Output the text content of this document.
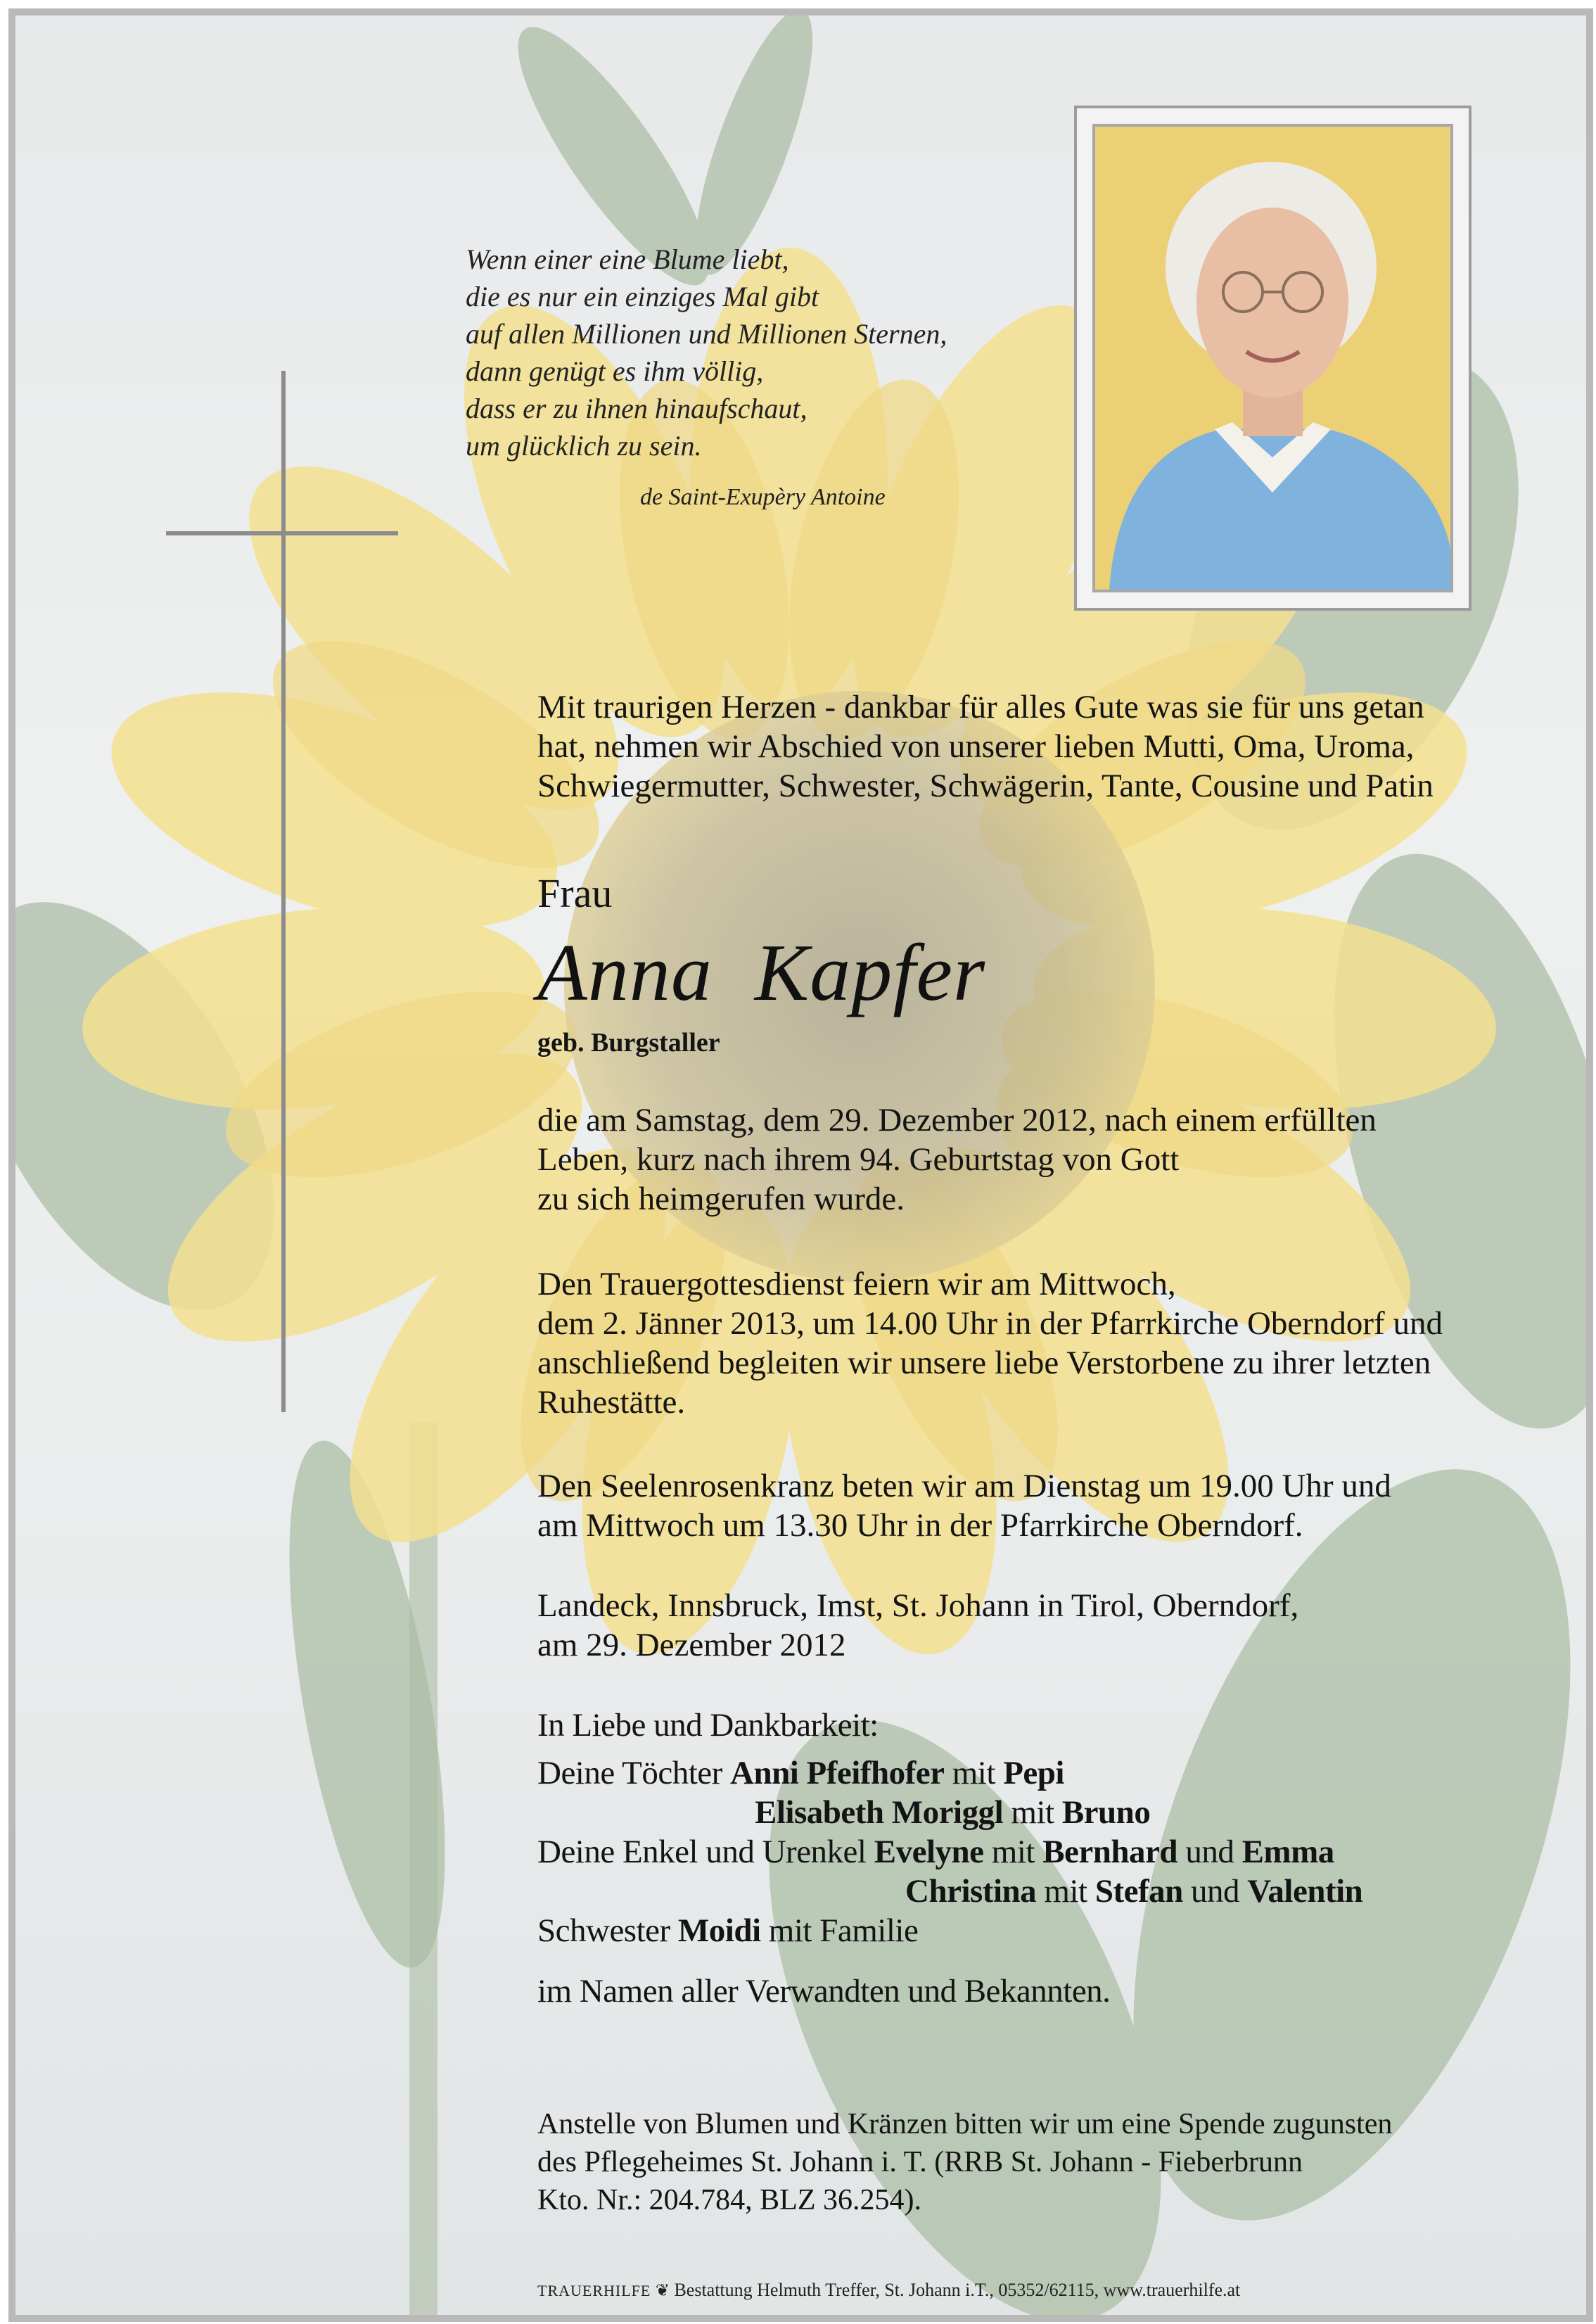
Wenn einer eine Blume liebt,
die es nur ein einziges Mal gibt
auf allen Millionen und Millionen Sternen,
dann genügt es ihm völlig,
dass er zu ihnen hinaufschaut,
um glücklich zu sein.
de Saint-Exupèry Antoine
Mit traurigen Herzen - dankbar für alles Gute was sie für uns getan
hat, nehmen wir Abschied von unserer lieben Mutti, Oma, Uroma,
Schwiegermutter, Schwester, Schwägerin, Tante, Cousine und Patin
Frau
Anna  Kapfer
geb. Burgstaller
die am Samstag, dem 29. Dezember 2012, nach einem erfüllten
Leben, kurz nach ihrem 94. Geburtstag von Gott
zu sich heimgerufen wurde.
Den Trauergottesdienst feiern wir am Mittwoch,
dem 2. Jänner 2013, um 14.00 Uhr in der Pfarrkirche Oberndorf und
anschließend begleiten wir unsere liebe Verstorbene zu ihrer letzten
Ruhestätte.
Den Seelenrosenkranz beten wir am Dienstag um 19.00 Uhr und
am Mittwoch um 13.30 Uhr in der Pfarrkirche Oberndorf.
Landeck, Innsbruck, Imst, St. Johann in Tirol, Oberndorf,
am 29. Dezember 2012
In Liebe und Dankbarkeit:
Deine Töchter Anni Pfeifhofer mit Pepi
Elisabeth Moriggl mit Bruno
Deine Enkel und Urenkel Evelyne mit Bernhard und Emma
Christina mit Stefan und Valentin
Schwester Moidi mit Familie
im Namen aller Verwandten und Bekannten.
Anstelle von Blumen und Kränzen bitten wir um eine Spende zugunsten
des Pflegeheimes St. Johann i. T. (RRB St. Johann - Fieberbrunn
Kto. Nr.: 204.784, BLZ 36.254).
TRAUERHILFE ❦ Bestattung Helmuth Treffer, St. Johann i.T., 05352/62115, www.trauerhilfe.at
